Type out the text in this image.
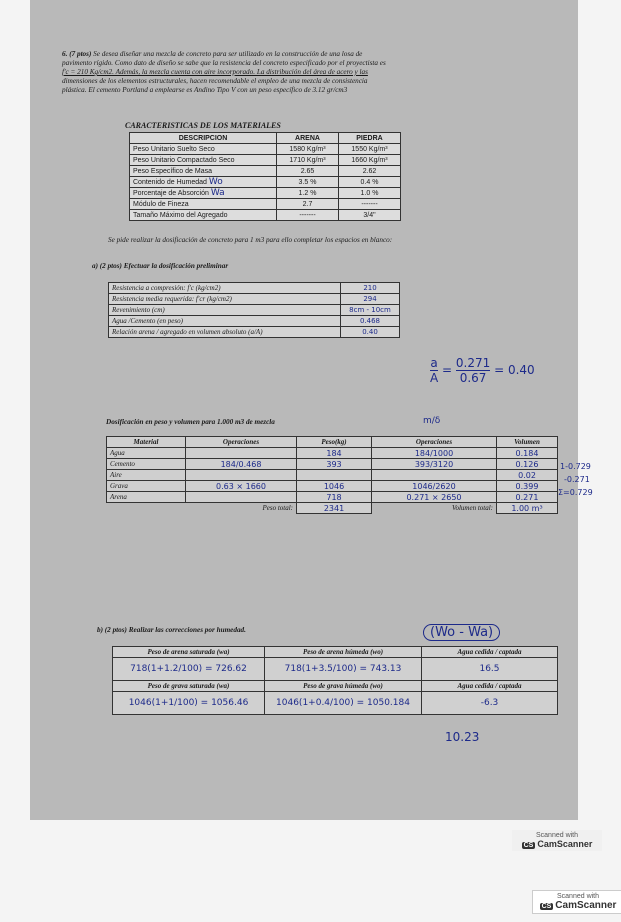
6. (7 ptos) Se desea diseñar una mezcla de concreto para ser utilizado en la construcción de una losa de
pavimento rígido. Como dato de diseño se sabe que la resistencia del concreto especificado por el proyectista es
f'c = 210 Kg/cm2. Además, la mezcla cuenta con aire incorporado. La distribución del área de acero y las
dimensiones de los elementos estructurales, hacen recomendable el empleo de una mezcla de consistencia
plástica. El cemento Portland a emplearse es Andino Tipo V con un peso específico de 3.12 gr/cm3
CARACTERISTICAS DE LOS MATERIALES
DESCRIPCION	ARENA	PIEDRA
Peso Unitario Suelto Seco	1580 Kg/m³	1550 Kg/m³
Peso Unitario Compactado Seco	1710 Kg/m³	1660 Kg/m³
Peso Específico de Masa	2.65	2.62
Contenido de Humedad Wo	3.5 %	0.4 %
Porcentaje de Absorción Wa	1.2 %	1.0 %
Módulo de Fineza	2.7	-------
Tamaño Máximo del Agregado	-------	3/4"
Se pide realizar la dosificación de concreto para 1 m3 para ello completar los espacios en blanco:
a) (2 ptos) Efectuar la dosificación preliminar
Resistencia a compresión: f'c (kg/cm2)	210
Resistencia media requerida: f'cr (kg/cm2)	294
Revenimiento (cm)	8cm - 10cm
Agua /Cemento (en peso)	0.468
Relación arena / agregado en volumen absoluto (a/A)	0.40
$\frac{a}{A} = \frac{0.271}{0.67} = 0.40$
Dosificación en peso y volumen para 1.000 m3 de mezcla	m/δ
Material	Operaciones	Peso(kg)	Operaciones	Volumen
Agua		184	184/1000	0.184
Cemento	184/0.468	393	393/3120	0.126
Aire				0.02
Grava	0.63 × 1660	1046	1046/2620	0.399
Arena		718	0.271 × 2650	0.271
Peso total:		2341	Volumen total:	1.00 m³
1-0.729
-0.271
Σ=0.729
b) (2 ptos) Realizar las correcciones por humedad.	(Wo - Wa)
Peso de arena saturada (wa)	Peso de arena húmeda (wo)	Agua cedida / captada
718(1+1.2/100) = 726.62	718(1+3.5/100) = 743.13	16.5
Peso de grava saturada (wa)	Peso de grava húmeda (wo)	Agua cedida / captada
1046(1+1/100) = 1056.46	1046(1+0.4/100) = 1050.184	-6.3
10.23
Scanned with
CS CamScanner
Scanned with
CS CamScanner
